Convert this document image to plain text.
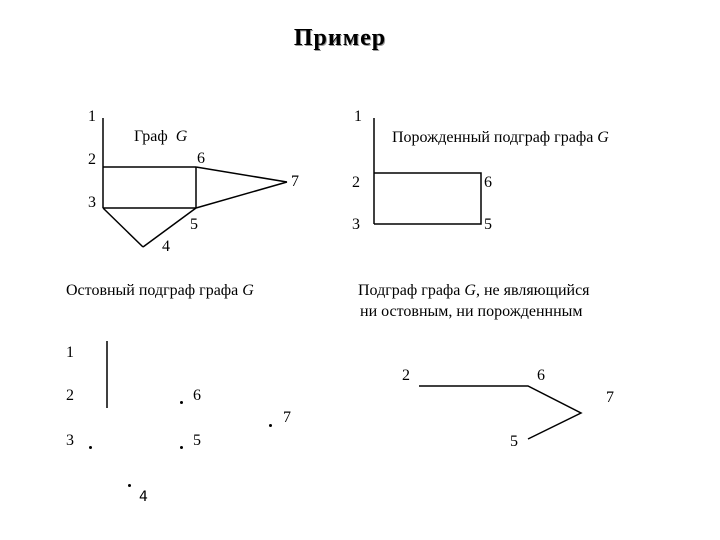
Пример
1
Граф G
2	6
7
3
5
4
1
Порожденный подграф графа G
2	6
3	5
Остовный подграф графа G
1
2
3
6
7
5
4
Подграф графа G, не являющийся
ни остовным, ни порожденнным
2	6
7
5
